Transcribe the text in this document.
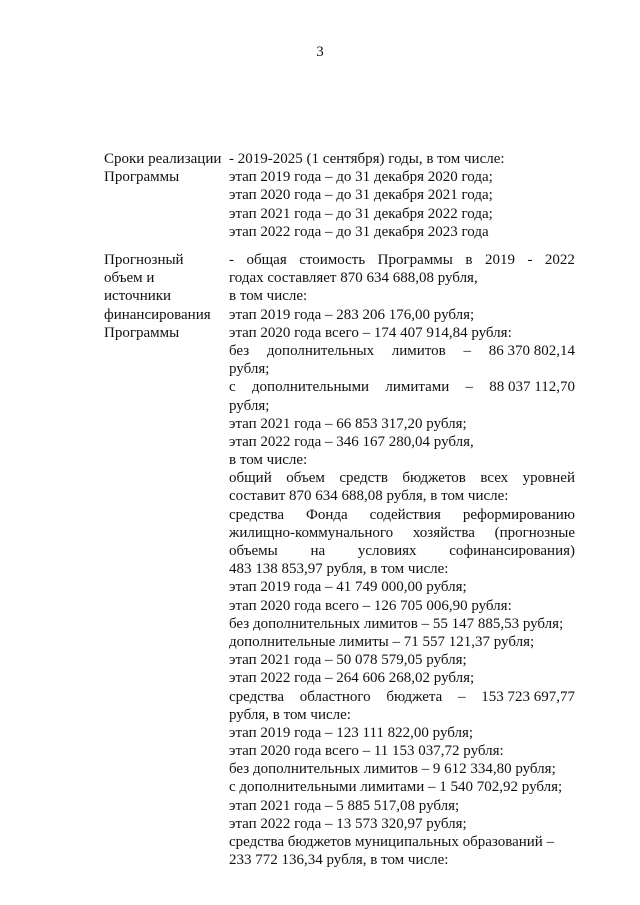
3
Сроки реализации
Программы
- 2019-2025 (1 сентября) годы, в том числе:
этап 2019 года – до 31 декабря 2020 года;
этап 2020 года – до 31 декабря 2021 года;
этап 2021 года – до 31 декабря 2022 года;
этап 2022 года – до 31 декабря 2023 года
Прогнозный
объем и
источники
финансирования
Программы
- общая стоимость Программы в 2019 - 2022
годах составляет 870 634 688,08 рубля,
в том числе:
этап 2019 года – 283 206 176,00 рубля;
этап 2020 года всего – 174 407 914,84 рубля:
без дополнительных лимитов – 86 370 802,14
рубля;
с дополнительными лимитами – 88 037 112,70
рубля;
этап 2021 года – 66 853 317,20 рубля;
этап 2022 года – 346 167 280,04 рубля,
в том числе:
общий объем средств бюджетов всех уровней
составит 870 634 688,08 рубля, в том числе:
средства Фонда содействия реформированию
жилищно-коммунального хозяйства (прогнозные
объемы на условиях софинансирования)
483 138 853,97 рубля, в том числе:
этап 2019 года – 41 749 000,00 рубля;
этап 2020 года всего – 126 705 006,90 рубля:
без дополнительных лимитов – 55 147 885,53 рубля;
дополнительные лимиты – 71 557 121,37 рубля;
этап 2021 года – 50 078 579,05 рубля;
этап 2022 года – 264 606 268,02 рубля;
средства областного бюджета – 153 723 697,77
рубля, в том числе:
этап 2019 года – 123 111 822,00 рубля;
этап 2020 года всего – 11 153 037,72 рубля:
без дополнительных лимитов – 9 612 334,80 рубля;
с дополнительными лимитами – 1 540 702,92 рубля;
этап 2021 года – 5 885 517,08 рубля;
этап 2022 года – 13 573 320,97 рубля;
средства бюджетов муниципальных образований –
233 772 136,34 рубля, в том числе:
